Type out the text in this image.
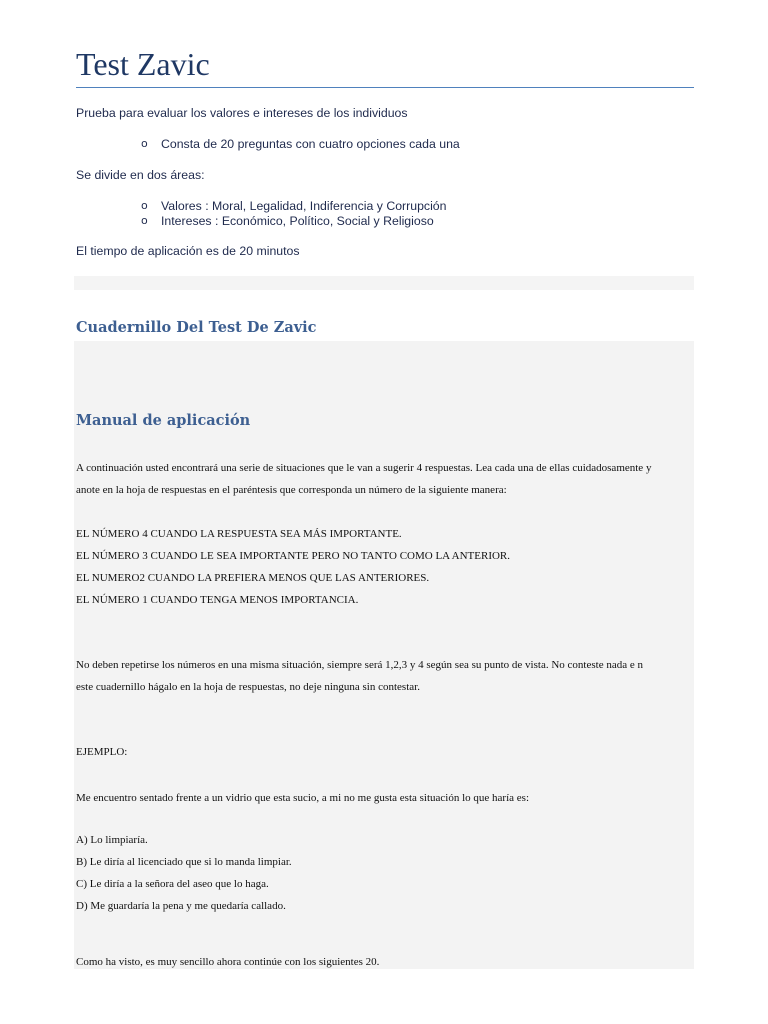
Test Zavic
Prueba para evaluar los valores e intereses de los individuos
o Consta de 20 preguntas con cuatro opciones cada una
Se divide en dos áreas:
o Valores : Moral, Legalidad, Indiferencia y Corrupción
o Intereses : Económico, Político, Social y Religioso
El tiempo de aplicación es de 20 minutos
Cuadernillo Del Test De Zavic
Manual de aplicación
A continuación usted encontrará una serie de situaciones que le van a sugerir 4 respuestas. Lea cada una de ellas cuidadosamente y
anote en la hoja de respuestas en el paréntesis que corresponda un número de la siguiente manera:
EL NÚMERO 4 CUANDO LA RESPUESTA SEA MÁS IMPORTANTE.
EL NÚMERO 3 CUANDO LE SEA IMPORTANTE PERO NO TANTO COMO LA ANTERIOR.
EL NUMERO2 CUANDO LA PREFIERA MENOS QUE LAS ANTERIORES.
EL NÚMERO 1 CUANDO TENGA MENOS IMPORTANCIA.
No deben repetirse los números en una misma situación, siempre será 1,2,3 y 4 según sea su punto de vista. No conteste nada e n
este cuadernillo hágalo en la hoja de respuestas, no deje ninguna sin contestar.
EJEMPLO:
Me encuentro sentado frente a un vidrio que esta sucio, a mi no me gusta esta situación lo que haría es:
A) Lo limpiaría.
B) Le diría al licenciado que si lo manda limpiar.
C) Le diría a la señora del aseo que lo haga.
D) Me guardaría la pena y me quedaría callado.
Como ha visto, es muy sencillo ahora continúe con los siguientes 20.
